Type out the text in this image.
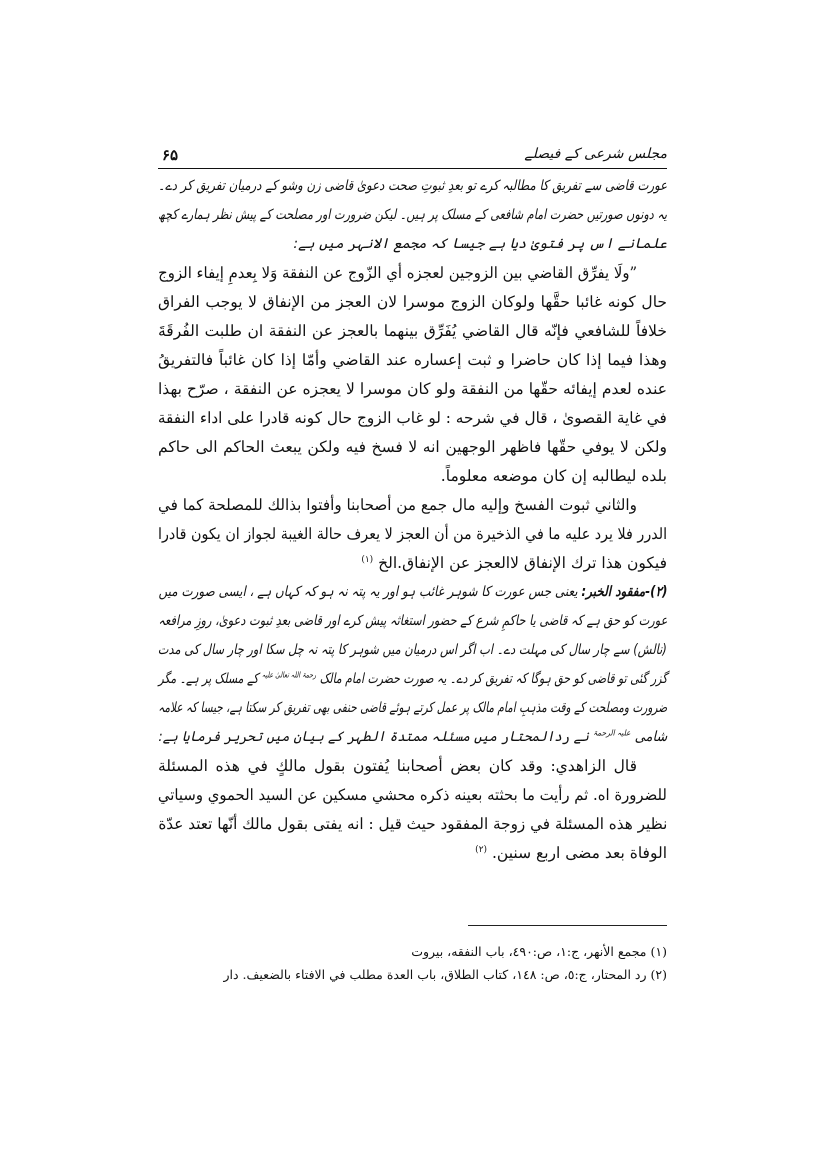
مجلس شرعی کے فیصلے
۶۵
عورت قاضی سے تفریق کا مطالبہ کرے تو بعدِ ثبوتِ صحت دعویٰ قاضی زن وشو کے درمیان تفریق کر دے۔
یہ دونوں صورتیں حضرت امام شافعی کے مسلک پر ہیں۔ لیکن ضرورت اور مصلحت کے پیش نظر ہمارے کچھ
علمانے اس پر فتویٰ دیا ہے جیسا کہ مجمع الانہر میں ہے:
”ولَا يفرِّق القاضي بين الزوجين لعجزه أي الزّوج عن النفقة وَلا بِعدمِ إيفاء الزوج
حال كونه غائبا حقَّها ولوكان الزوج موسرا لان العجز من الإنفاق لا يوجب الفراق
خلافاً للشافعي فإنّه قال القاضي يُفَرِّق بينهما بالعجز عن النفقة ان طلبت الفُرقَةَ
وهذا فيما إذا كان حاضرا و ثبت إعساره عند القاضي وأمّا إذا كان غائباً فالتفريقُ
عنده لعدم إيفائه حقّها من النفقة ولو كان موسرا لا يعجزه عن النفقة ، صرّح بهذا
في غاية القصوىٰ ، قال في شرحه : لو غاب الزوج حال كونه قادرا على اداء النفقة
ولكن لا يوفي حقّها فاظهر الوجهين انه لا فسخ فيه ولكن يبعث الحاكم الى حاكم
بلده ليطالبه إن كان موضعه معلوماً.
والثاني ثبوت الفسخ وإليه مال جمع من أصحابنا وأفتوا بذالك للمصلحة كما في
الدرر فلا يرد عليه ما في الذخيرة من أن العجز لا يعرف حالة الغيبة لجواز ان يكون قادرا
فيكون هذا ترك الإنفاق لاالعجز عن الإنفاق.الخ $^{(١)}$
(۲)-مفقود الخبر: یعنی جس عورت کا شوہر غائب ہو اور یہ پتہ نہ ہو کہ کہاں ہے ، ایسی صورت میں
عورت کو حق ہے کہ قاضی یا حاکمِ شرع کے حضور استغاثہ پیش کرے اور قاضی بعدِ ثبوت دعویٰ، روزِ مرافعہ
(نالش) سے چار سال کی مہلت دے۔ اب اگر اس درمیان میں شوہر کا پتہ نہ چل سکا اور چار سال کی مدت
گزر گئی تو قاضی کو حق ہوگا کہ تفریق کر دے۔ یہ صورت حضرت امام مالک $^{رحمۃ اللہ تعالیٰ علیہ}$ کے مسلک پر ہے۔ مگر
ضرورت ومصلحت کے وقت مذہبِ امام مالک پر عمل کرتے ہوئے قاضی حنفی بھی تفریق کر سکتا ہے، جیسا کہ علامہ
شامی $^{علیہ الرحمۃ}$ نے ردالمحتار میں مسئلہ ممتدۃ الطہر کے بیان میں تحریر فرمایا ہے:
قال الزاهدي: وقد كان بعض أصحابنا يُفتون بقول مالكٍ في هذه المسئلة
للضرورة اه. ثم رأيت ما بحثته بعينه ذكره محشي مسكين عن السيد الحموي وسياتي
نظير هذه المسئلة في زوجة المفقود حيث قيل : انه يفتى بقول مالك أنّها تعتد عدّة
الوفاة بعد مضى اربع سنين. $^{(٢)}$
(١) مجمع الأنهر، ج:١، ص:٤٩٠، باب النفقه، بيروت
(٢) رد المحتار، ج:٥، ص: ١٤٨، كتاب الطلاق، باب العدة مطلب في الافتاء بالضعيف. دار
